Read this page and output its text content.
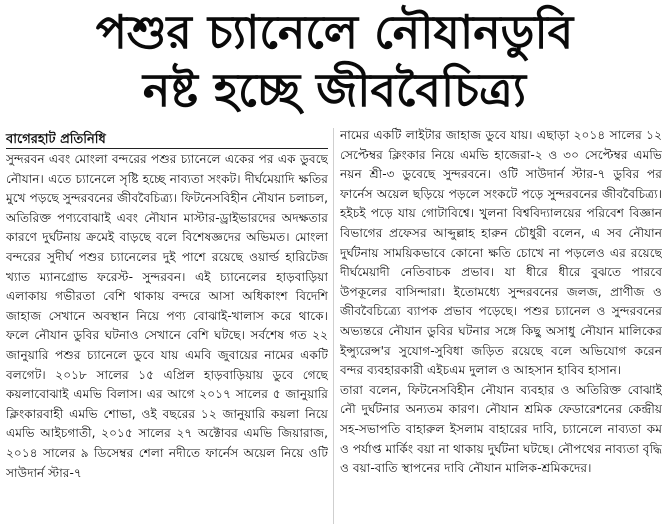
পশুর চ্যানেলে নৌযানডুবি
নষ্ট হচ্ছে জীববৈচিত্র্য
বাগেরহাট প্রতিনিধি

সুন্দরবন এবং মোংলা বন্দরের পশুর চ্যানেলে একের পর এক ডুবছে নৌযান। এতে চ্যানেলে সৃষ্টি হচ্ছে নাব্যতা সংকট। দীর্ঘমেয়াদি ক্ষতির মুখে পড়ছে সুন্দরবনের জীববৈচিত্র্য। ফিটনেসবিহীন নৌযান চলাচল, অতিরিক্ত পণ্যবোঝাই এবং নৌযান মাস্টার-ড্রাইভারদের অদক্ষতার কারণে দুর্ঘটনায় ক্রমেই বাড়ছে বলে বিশেষজ্ঞদের অভিমত। মোংলা বন্দরের সুদীর্ঘ পশুর চ্যানেলের দুই পাশে রয়েছে ওয়ার্ল্ড হারিটেজ খ্যাত ম্যানগ্রোভ ফরেস্ট- সুন্দরবন। এই চ্যানেলের হাড়বাড়িয়া এলাকায় গভীরতা বেশি থাকায় বন্দরে আসা অধিকাংশ বিদেশি জাহাজ সেখানে অবস্থান নিয়ে পণ্য বোঝাই-খালাস করে থাকে। ফলে নৌযান ডুবির ঘটনাও সেখানে বেশি ঘটছে। সর্বশেষ গত ২২ জানুয়ারি পশুর চ্যানেলে ডুবে যায় এমবি জুবায়ের নামের একটি বলগেট। ২০১৮ সালের ১৫ এপ্রিল হাড়বাড়িয়ায় ডুবে গেছে কয়লাবোঝাই এমভি বিলাস। এর আগে ২০১৭ সালের ৫ জানুয়ারি ক্লিংকারবাহী এমভি শোভা, ওই বছরের ১২ জানুয়ারি কয়লা নিয়ে এমভি আইচগাতী, ২০১৫ সালের ২৭ অক্টোবর এমভি জিয়ারাজ, ২০১৪ সালের ৯ ডিসেম্বর শেলা নদীতে ফার্নেস অয়েল নিয়ে ওটি সাউদার্ন স্টার-৭

নামের একটি লাইটার জাহাজ ডুবে যায়। এছাড়া ২০১৪ সালের ১২ সেপ্টেম্বর ক্লিংকার নিয়ে এমভি হাজেরা-২ ও ৩০ সেপ্টেম্বর এমভি নয়ন শ্রী-৩ ডুবেছে সুন্দরবনে। ওটি সাউদার্ন স্টার-৭ ডুবির পর ফার্নেস অয়েল ছড়িয়ে পড়লে সংকটে পড়ে সুন্দরবনের জীববৈচিত্র্য। হইচই পড়ে যায় গোটাবিশ্বে। খুলনা বিশ্ববিদ্যালয়ের পরিবেশ বিজ্ঞান বিভাগের প্রফেসর আব্দুল্লাহ হারুন চৌধুরী বলেন, এ সব নৌযান দুর্ঘটনায় সাময়িকভাবে কোনো ক্ষতি চোখে না পড়লেও এর রয়েছে দীর্ঘমেয়াদী নেতিবাচক প্রভাব। যা ধীরে ধীরে বুঝতে পারবে উপকূলের বাসিন্দারা। ইতোমধ্যে সুন্দরবনের জলজ, প্রাণীজ ও জীববৈচিত্র্যে ব্যাপক প্রভাব পড়েছে। পশুর চ্যানেল ও সুন্দরবনের অভ্যন্তরে নৌযান ডুবির ঘটনার সঙ্গে কিছু অসাধু নৌযান মালিকের ইন্স্যুরেন্স'র সুযোগ-সুবিধা জড়িত রয়েছে বলে অভিযোগ করেন বন্দর ব্যবহারকারী এইচএম দুলাল ও আহসান হাবিব হাসান।

তারা বলেন, ফিটনেসবিহীন নৌযান ব্যবহার ও অতিরিক্ত বোঝাই নৌ দুর্ঘটনার অন্যতম কারণ। নৌযান শ্রমিক ফেডারেশনের কেন্দ্রীয় সহ-সভাপতি বাহারুল ইসলাম বাহারের দাবি, চ্যানেলে নাব্যতা কম ও পর্যাপ্ত মার্কিং বয়া না থাকায় দুর্ঘটনা ঘটছে। নৌপথের নাব্যতা বৃদ্ধি ও বয়া-বাতি স্থাপনের দাবি নৌযান মালিক-শ্রমিকদের।
